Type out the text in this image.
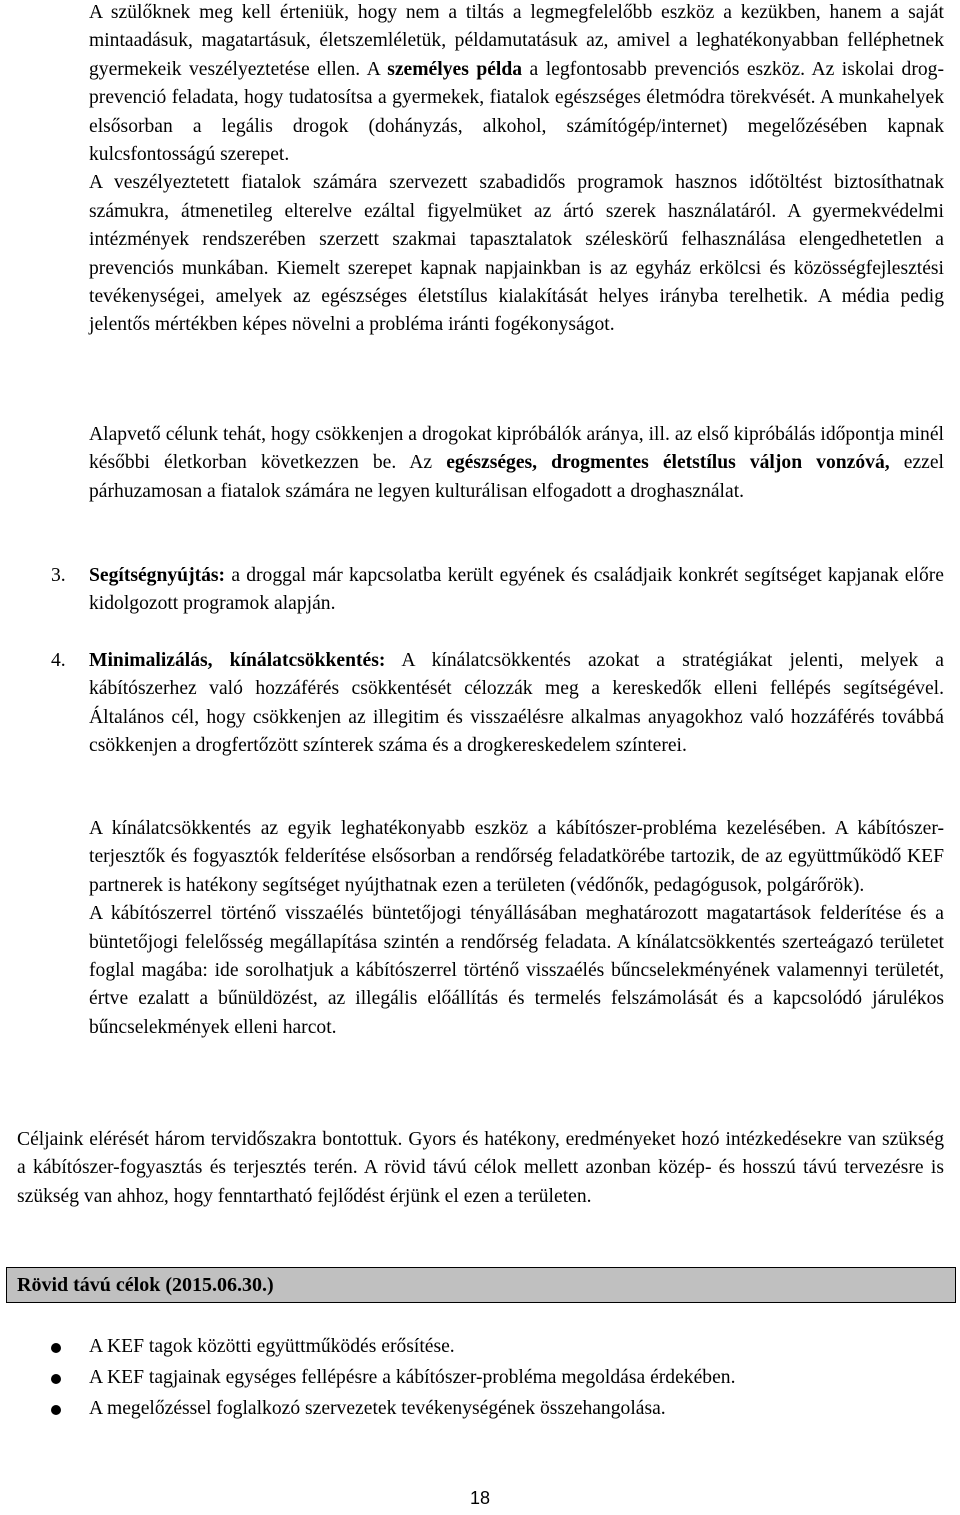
A szülőknek meg kell érteniük, hogy nem a tiltás a legmegfelelőbb eszköz a kezükben, hanem a saját mintaadásuk, magatartásuk, életszemléletük, példamutatásuk az, amivel a leghatékonyabban felléphetnek gyermekeik veszélyeztetése ellen. A személyes példa a legfontosabb prevenciós eszköz. Az iskolai drog-prevenció feladata, hogy tudatosítsa a gyermekek, fiatalok egészséges életmódra törekvését. A munkahelyek elsősorban a legális drogok (dohányzás, alkohol, számítógép/internet) megelőzésében kapnak kulcsfontosságú szerepet.

A veszélyeztetett fiatalok számára szervezett szabadidős programok hasznos időtöltést biztosíthatnak számukra, átmenetileg elterelve ezáltal figyelmüket az ártó szerek használatáról. A gyermekvédelmi intézmények rendszerében szerzett szakmai tapasztalatok széleskörű felhasználása elengedhetetlen a prevenciós munkában. Kiemelt szerepet kapnak napjainkban is az egyház erkölcsi és közösségfejlesztési tevékenységei, amelyek az egészséges életstílus kialakítását helyes irányba terelhetik. A média pedig jelentős mértékben képes növelni a probléma iránti fogékonyságot.

Alapvető célunk tehát, hogy csökkenjen a drogokat kipróbálók aránya, ill. az első kipróbálás időpontja minél későbbi életkorban következzen be. Az egészséges, drogmentes életstílus váljon vonzóvá, ezzel párhuzamosan a fiatalok számára ne legyen kulturálisan elfogadott a droghasználat.

3. Segítségnyújtás: a droggal már kapcsolatba került egyének és családjaik konkrét segítséget kapjanak előre kidolgozott programok alapján.

4. Minimalizálás, kínálatcsökkentés: A kínálatcsökkentés azokat a stratégiákat jelenti, melyek a kábítószerhez való hozzáférés csökkentését célozzák meg a kereskedők elleni fellépés segítségével. Általános cél, hogy csökkenjen az illegitim és visszaélésre alkalmas anyagokhoz való hozzáférés továbbá csökkenjen a drogfertőzött színterek száma és a drogkereskedelem színterei.

A kínálatcsökkentés az egyik leghatékonyabb eszköz a kábítószer-probléma kezelésében. A kábítószer-terjesztők és fogyasztók felderítése elsősorban a rendőrség feladatkörébe tartozik, de az együttműködő KEF partnerek is hatékony segítséget nyújthatnak ezen a területen (védőnők, pedagógusok, polgárőrök).

A kábítószerrel történő visszaélés büntetőjogi tényállásában meghatározott magatartások felderítése és a büntetőjogi felelősség megállapítása szintén a rendőrség feladata. A kínálatcsökkentés szerteágazó területet foglal magába: ide sorolhatjuk a kábítószerrel történő visszaélés bűncselekményének valamennyi területét, értve ezalatt a bűnüldözést, az illegális előállítás és termelés felszámolását és a kapcsolódó járulékos bűncselekmények elleni harcot.

Céljaink elérését három tervidőszakra bontottuk. Gyors és hatékony, eredményeket hozó intézkedésekre van szükség a kábítószer-fogyasztás és terjesztés terén. A rövid távú célok mellett azonban közép- és hosszú távú tervezésre is szükség van ahhoz, hogy fenntartható fejlődést érjünk el ezen a területen.

Rövid távú célok (2015.06.30.)
A KEF tagok közötti együttműködés erősítése.
A KEF tagjainak egységes fellépésre a kábítószer-probléma megoldása érdekében.
A megelőzéssel foglalkozó szervezetek tevékenységének összehangolása.
18
